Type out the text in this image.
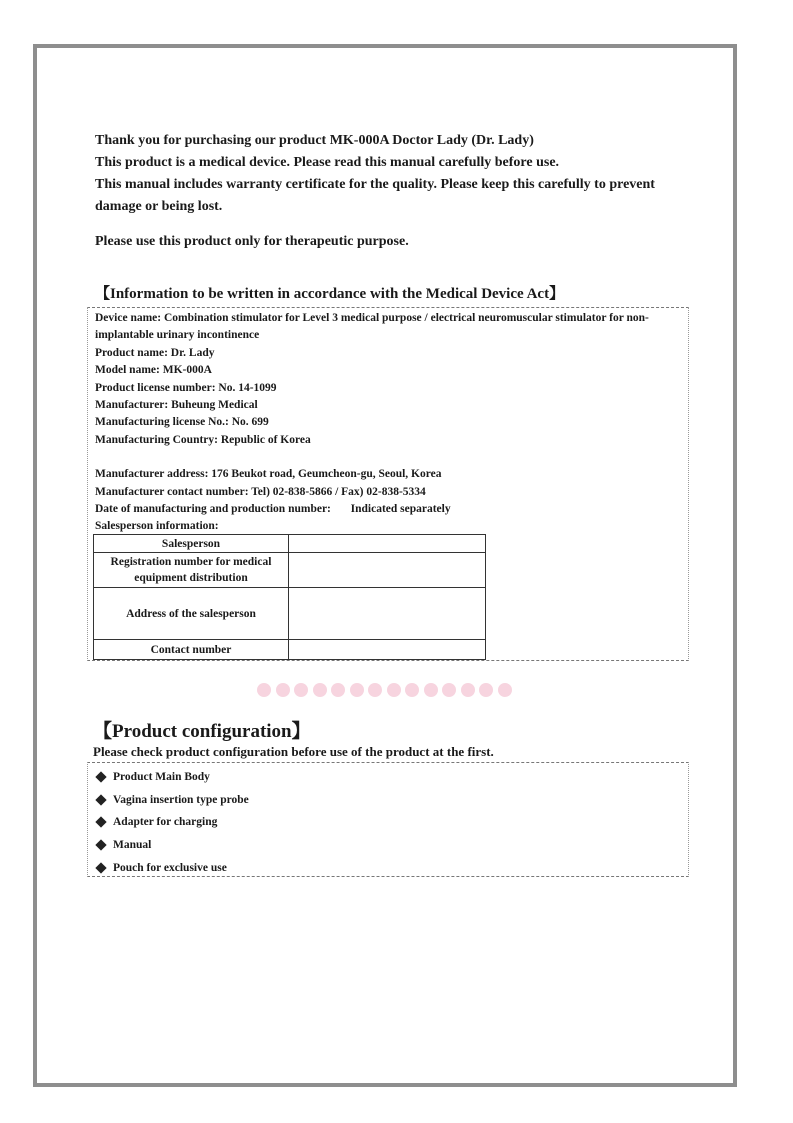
Thank you for purchasing our product MK-000A Doctor Lady (Dr. Lady)

This product is a medical device. Please read this manual carefully before use.

This manual includes warranty certificate for the quality. Please keep this carefully to prevent damage or being lost.

Please use this product only for therapeutic purpose.
【Information to be written in accordance with the Medical Device Act】
Device name: Combination stimulator for Level 3 medical purpose / electrical neuromuscular stimulator for non-implantable urinary incontinence
Product name: Dr. Lady
Model name: MK-000A
Product license number: No. 14-1099
Manufacturer: Buheung Medical
Manufacturing license No.: No. 699
Manufacturing Country: Republic of Korea
Manufacturer address: 176 Beukot road, Geumcheon-gu, Seoul, Korea
Manufacturer contact number: Tel) 02-838-5866 / Fax) 02-838-5334
Date of manufacturing and production number: Indicated separately
Salesperson information:
Salesperson	
Registration number for medical equipment distribution	
Address of the salesperson	
Contact number	
【Product configuration】
Please check product configuration before use of the product at the first.
Product Main Body
Vagina insertion type probe
Adapter for charging
Manual
Pouch for exclusive use
